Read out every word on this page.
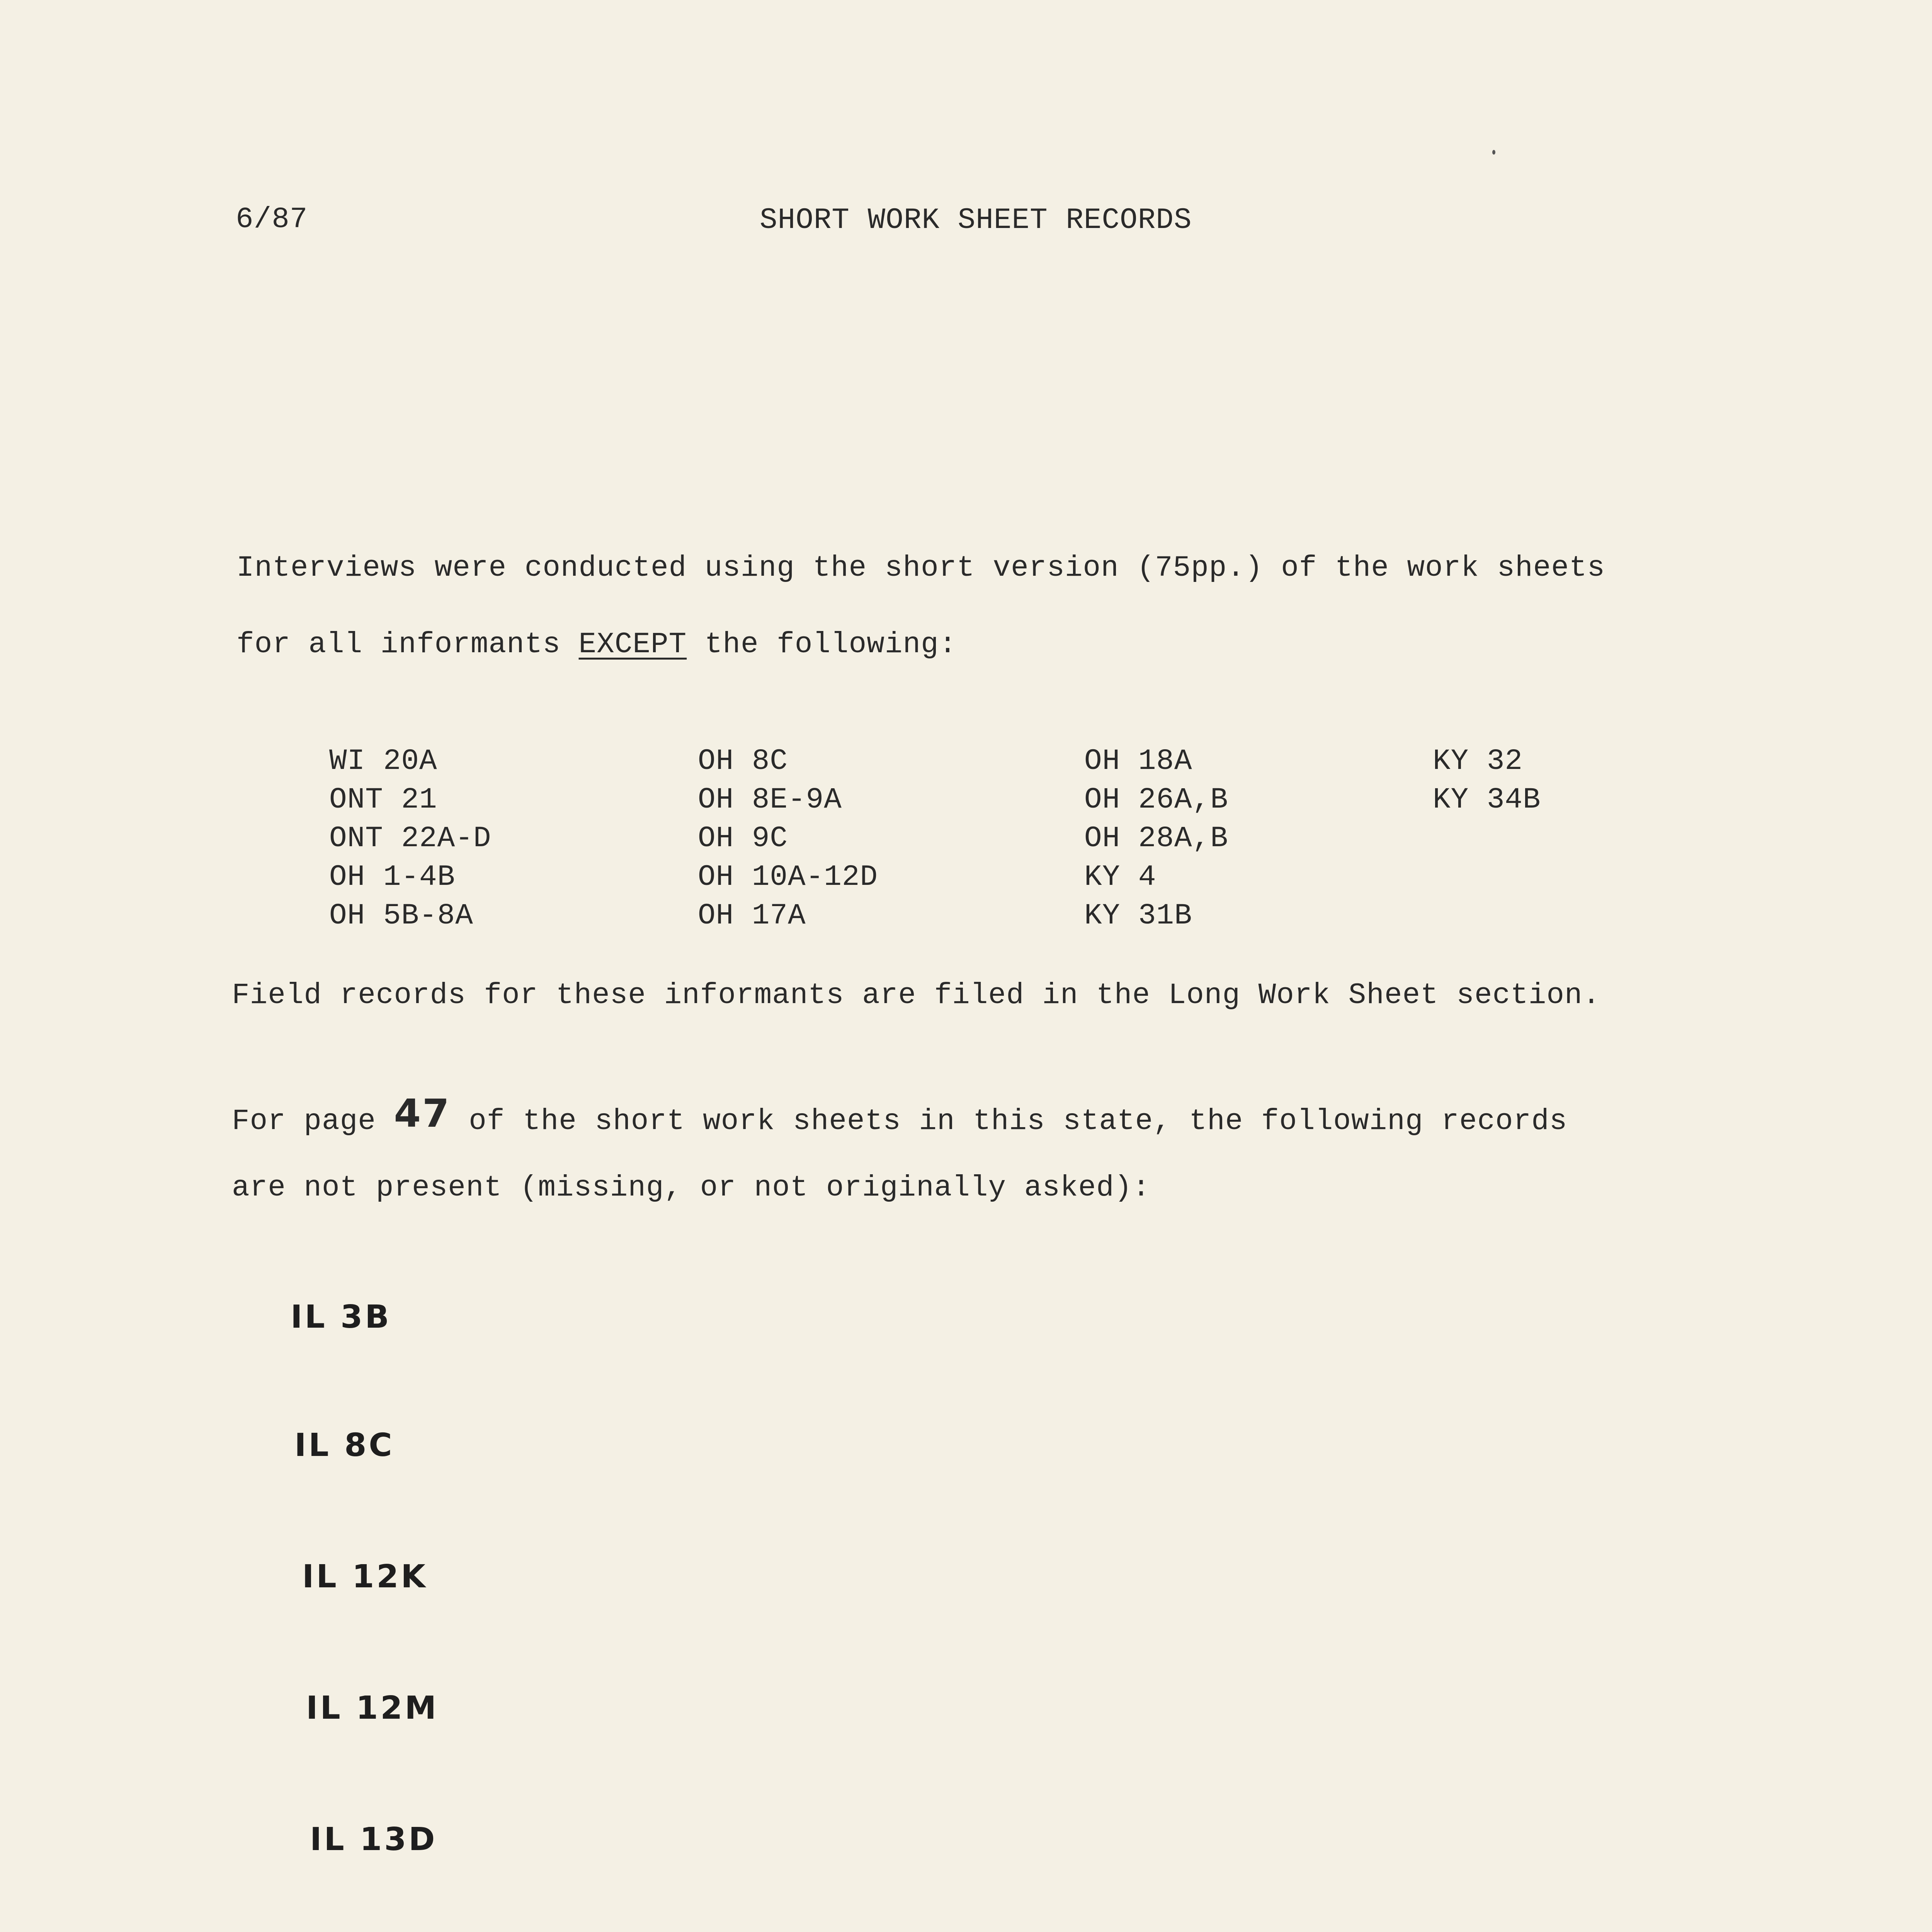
6/87	SHORT WORK SHEET RECORDS
Interviews were conducted using the short version (75pp.) of the work sheets
for all informants EXCEPT the following:
WI 20A
ONT 21
ONT 22A-D
OH 1-4B
OH 5B-8A
OH 8C
OH 8E-9A
OH 9C
OH 10A-12D
OH 17A
OH 18A
OH 26A,B
OH 28A,B
KY 4
KY 31B
KY 32
KY 34B
Field records for these informants are filed in the Long Work Sheet section.
For page 47 of the short work sheets in this state, the following records
are not present (missing, or not originally asked):
IL 3B
IL 8C
IL 12K
IL 12M
IL 13D
